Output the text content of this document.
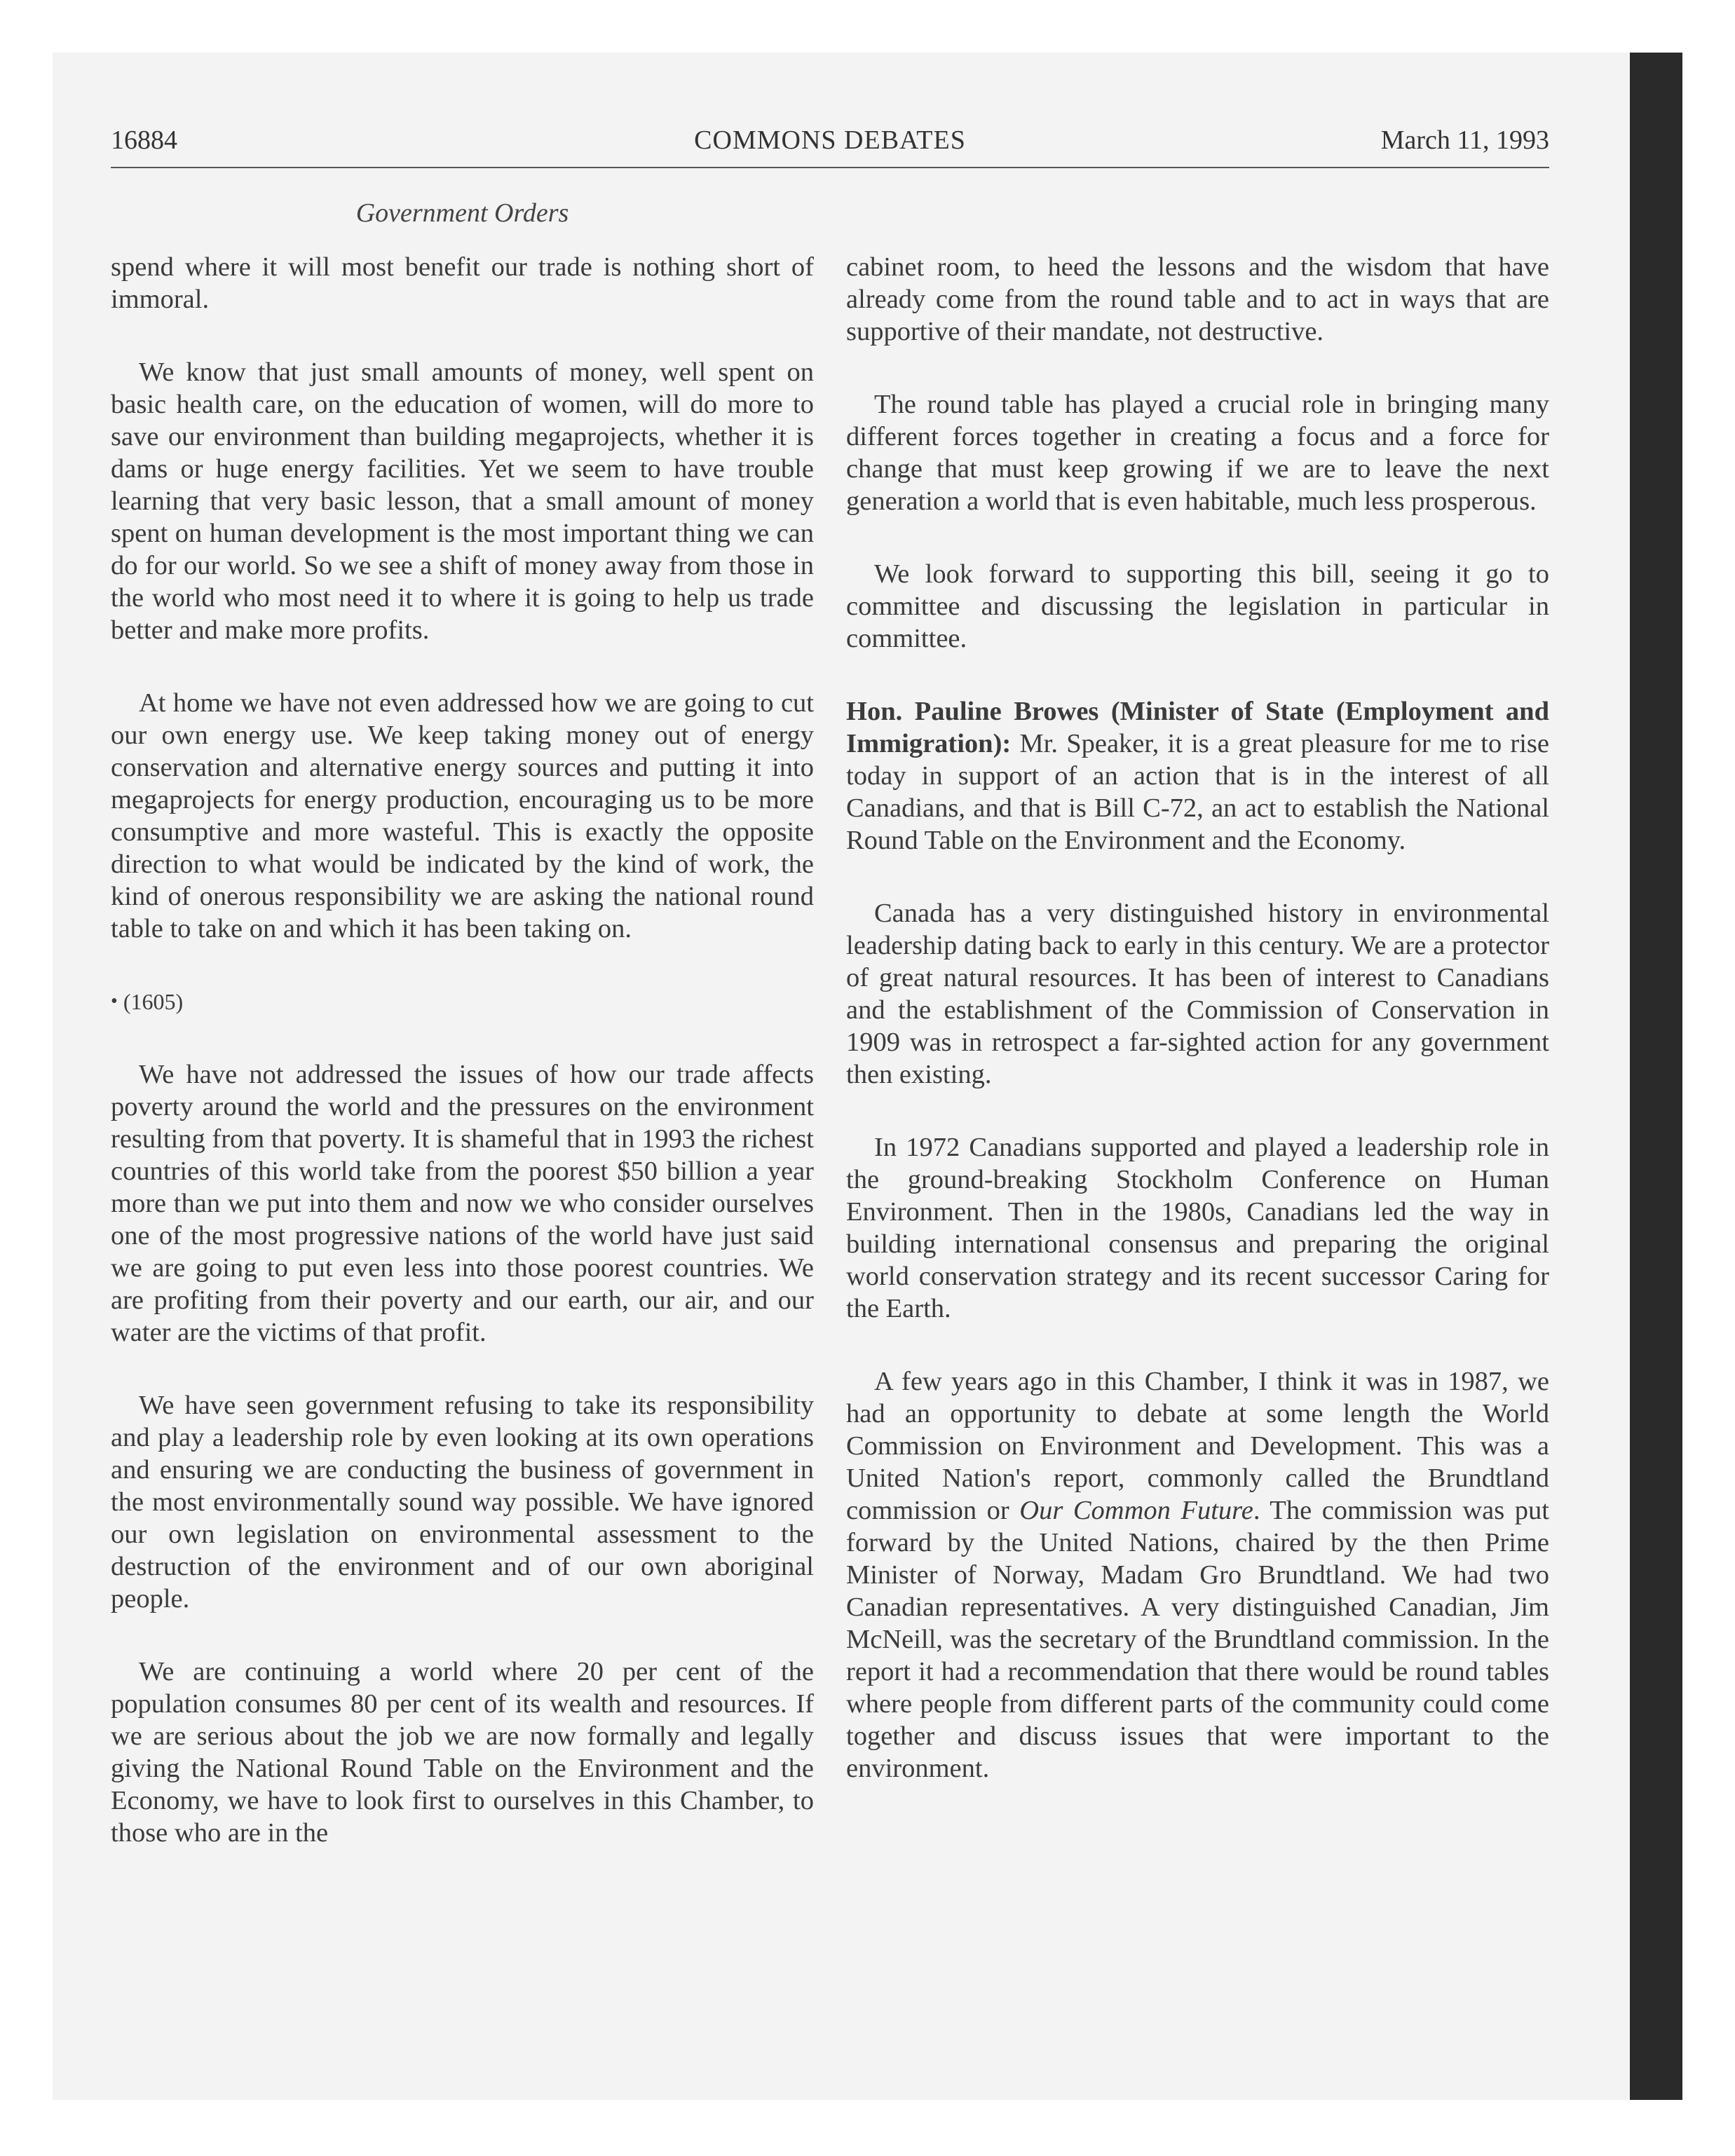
16884	COMMONS DEBATES	March 11, 1993
Government Orders

spend where it will most benefit our trade is nothing short of immoral.

We know that just small amounts of money, well spent on basic health care, on the education of women, will do more to save our environment than building megaprojects, whether it is dams or huge energy facilities. Yet we seem to have trouble learning that very basic lesson, that a small amount of money spent on human development is the most important thing we can do for our world. So we see a shift of money away from those in the world who most need it to where it is going to help us trade better and make more profits.

At home we have not even addressed how we are going to cut our own energy use. We keep taking money out of energy conservation and alternative energy sources and putting it into megaprojects for energy production, encouraging us to be more consumptive and more wasteful. This is exactly the opposite direction to what would be indicated by the kind of work, the kind of onerous responsibility we are asking the national round table to take on and which it has been taking on.

• (1605)

We have not addressed the issues of how our trade affects poverty around the world and the pressures on the environment resulting from that poverty. It is shameful that in 1993 the richest countries of this world take from the poorest $50 billion a year more than we put into them and now we who consider ourselves one of the most progressive nations of the world have just said we are going to put even less into those poorest countries. We are profiting from their poverty and our earth, our air, and our water are the victims of that profit.

We have seen government refusing to take its responsibility and play a leadership role by even looking at its own operations and ensuring we are conducting the business of government in the most environmentally sound way possible. We have ignored our own legislation on environmental assessment to the destruction of the environment and of our own aboriginal people.

We are continuing a world where 20 per cent of the population consumes 80 per cent of its wealth and resources. If we are serious about the job we are now formally and legally giving the National Round Table on the Environment and the Economy, we have to look first to ourselves in this Chamber, to those who are in the

cabinet room, to heed the lessons and the wisdom that have already come from the round table and to act in ways that are supportive of their mandate, not destructive.

The round table has played a crucial role in bringing many different forces together in creating a focus and a force for change that must keep growing if we are to leave the next generation a world that is even habitable, much less prosperous.

We look forward to supporting this bill, seeing it go to committee and discussing the legislation in particular in committee.

Hon. Pauline Browes (Minister of State (Employment and Immigration): Mr. Speaker, it is a great pleasure for me to rise today in support of an action that is in the interest of all Canadians, and that is Bill C-72, an act to establish the National Round Table on the Environment and the Economy.

Canada has a very distinguished history in environmental leadership dating back to early in this century. We are a protector of great natural resources. It has been of interest to Canadians and the establishment of the Commission of Conservation in 1909 was in retrospect a far-sighted action for any government then existing.

In 1972 Canadians supported and played a leadership role in the ground-breaking Stockholm Conference on Human Environment. Then in the 1980s, Canadians led the way in building international consensus and preparing the original world conservation strategy and its recent successor Caring for the Earth.

A few years ago in this Chamber, I think it was in 1987, we had an opportunity to debate at some length the World Commission on Environment and Development. This was a United Nation's report, commonly called the Brundtland commission or Our Common Future. The commission was put forward by the United Nations, chaired by the then Prime Minister of Norway, Madam Gro Brundtland. We had two Canadian representatives. A very distinguished Canadian, Jim McNeill, was the secretary of the Brundtland commission. In the report it had a recommendation that there would be round tables where people from different parts of the community could come together and discuss issues that were important to the environment.
